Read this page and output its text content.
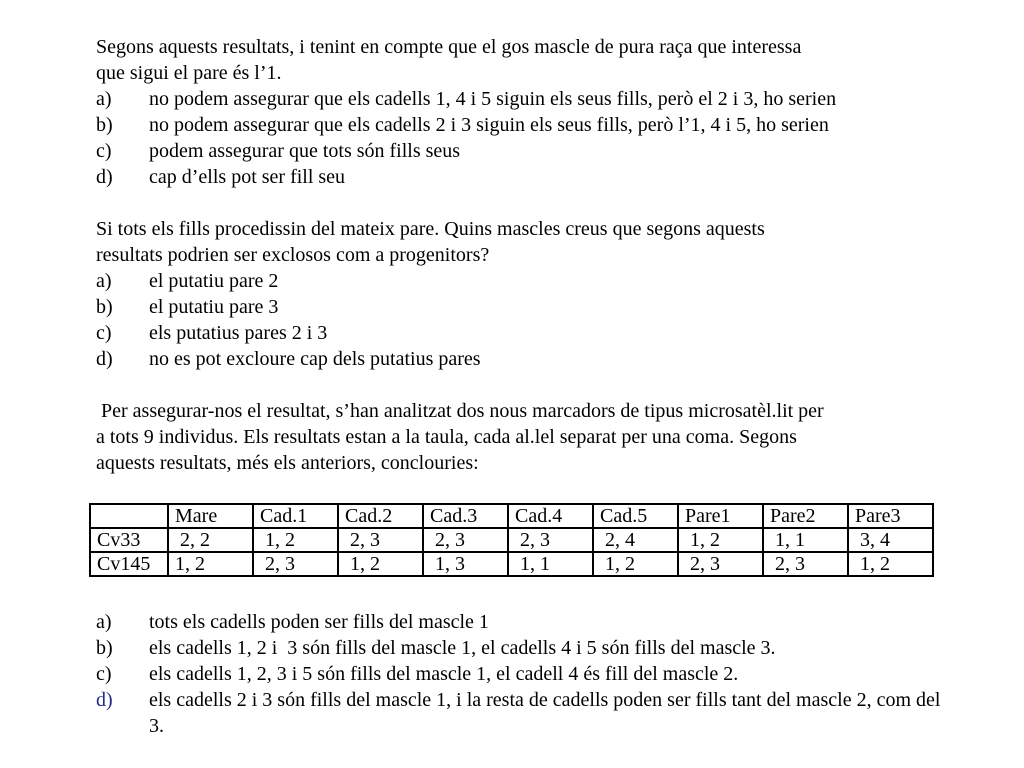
Segons aquests resultats, i tenint en compte que el gos mascle de pura raça que interessa
que sigui el pare és l’1.
a)	no podem assegurar que els cadells 1, 4 i 5 siguin els seus fills, però el 2 i 3, ho serien
b)	no podem assegurar que els cadells 2 i 3 siguin els seus fills, però l’1, 4 i 5, ho serien
c)	podem assegurar que tots són fills seus
d)	cap d’ells pot ser fill seu
Si tots els fills procedissin del mateix pare. Quins mascles creus que segons aquests
resultats podrien ser exclosos com a progenitors?
a)	el putatiu pare 2
b)	el putatiu pare 3
c)	els putatius pares 2 i 3
d)	no es pot excloure cap dels putatius pares
Per assegurar-nos el resultat, s’han analitzat dos nous marcadors de tipus microsatèl.lit per
a tots 9 individus. Els resultats estan a la taula, cada al.lel separat per una coma. Segons
aquests resultats, més els anteriors, conclouries:
	Mare	Cad.1	Cad.2	Cad.3	Cad.4	Cad.5	Pare1	Pare2	Pare3
Cv33	2, 2	1, 2	2, 3	2, 3	2, 3	2, 4	1, 2	1, 1	3, 4
Cv145	1, 2	2, 3	1, 2	1, 3	1, 1	1, 2	2, 3	2, 3	1, 2
a)	tots els cadells poden ser fills del mascle 1
b)	els cadells 1, 2 i  3 són fills del mascle 1, el cadells 4 i 5 són fills del mascle 3.
c)	els cadells 1, 2, 3 i 5 són fills del mascle 1, el cadell 4 és fill del mascle 2.
d)	els cadells 2 i 3 són fills del mascle 1, i la resta de cadells poden ser fills tant del mascle 2, com del 3.
